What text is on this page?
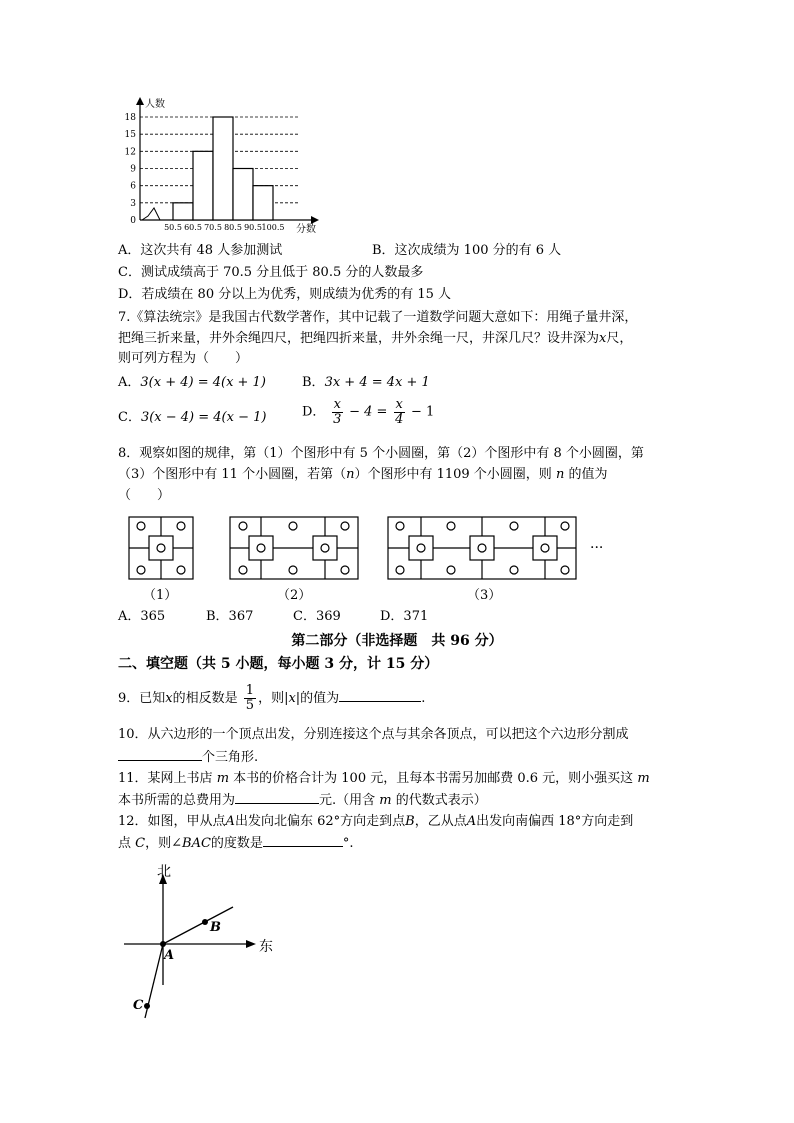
0
3
6
9
12
15
18
50.5 60.5 70.5 80.5 90.5 100.5
人数
分数
A．这次共有 48 人参加测试	B．这次成绩为 100 分的有 6 人
C．测试成绩高于 70.5 分且低于 80.5 分的人数最多
D．若成绩在 80 分以上为优秀，则成绩为优秀的有 15 人
7.《算法统宗》是我国古代数学著作，其中记载了一道数学问题大意如下：用绳子量井深，
把绳三折来量，井外余绳四尺，把绳四折来量，井外余绳一尺，井深几尺？设井深为x尺，
则可列方程为（　　）
A．3(x + 4) = 4(x + 1)	B．3x + 4 = 4x + 1
C．3(x − 4) = 4(x − 1)	D． $\frac{x}{3} - 4 = \frac{x}{4} - 1$
8．观察如图的规律，第（1）个图形中有 5 个小圆圈，第（2）个图形中有 8 个小圆圈，第
（3）个图形中有 11 个小圆圈，若第（n）个图形中有 1109 个小圆圈，则 n 的值为
（　　）
（1）	（2）	（3）
···
A．365	B．367	C．369	D．371
第二部分（非选择题　共 96 分）
二、填空题（共 5 小题，每小题 3 分，计 15 分）
9．已知x的相反数是 $\frac{1}{5}$ ，则|x|的值为	.
10．从六边形的一个顶点出发，分别连接这个点与其余各顶点，可以把这个六边形分割成
个三角形.
11．某网上书店 m 本书的价格合计为 100 元，且每本书需另加邮费 0.6 元，则小强买这 m
本书所需的总费用为	元.（用含 m 的代数式表示）
12．如图，甲从点A出发向北偏东 62°方向走到点B，乙从点A出发向南偏西 18°方向走到
点 C，则∠BAC的度数是	°.
北
东
A
B
C
